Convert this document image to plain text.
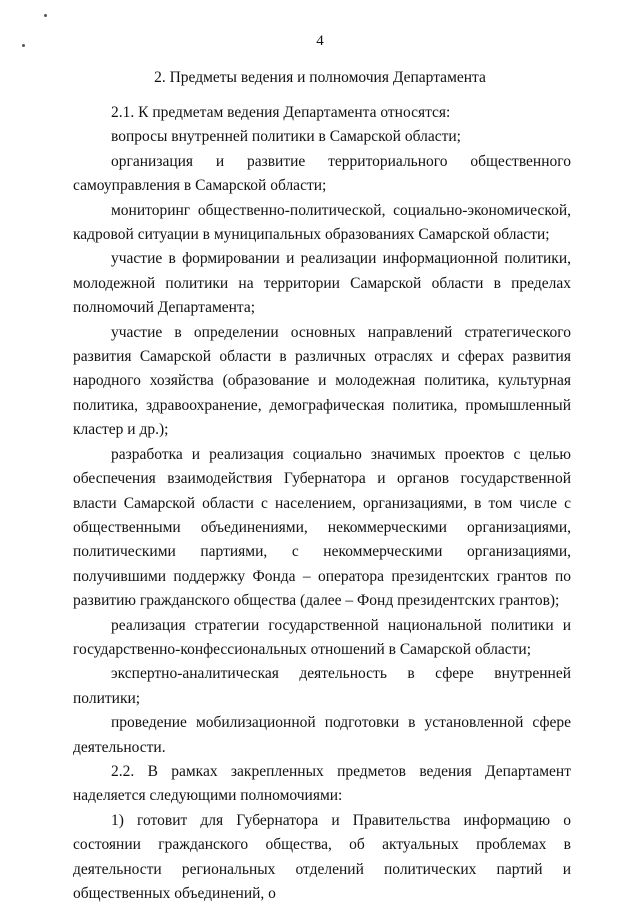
4
2. Предметы ведения и полномочия Департамента

2.1. К предметам ведения Департамента относятся:

вопросы внутренней политики в Самарской области;

организация и развитие территориального общественного самоуправления в Самарской области;

мониторинг общественно-политической, социально-экономической, кадровой ситуации в муниципальных образованиях Самарской области;

участие в формировании и реализации информационной политики, молодежной политики на территории Самарской области в пределах полномочий Департамента;

участие в определении основных направлений стратегического развития Самарской области в различных отраслях и сферах развития народного хозяйства (образование и молодежная политика, культурная политика, здравоохранение, демографическая политика, промышленный кластер и др.);

разработка и реализация социально значимых проектов с целью обеспечения взаимодействия Губернатора и органов государственной власти Самарской области с населением, организациями, в том числе с общественными объединениями, некоммерческими организациями, политическими партиями, с некоммерческими организациями, получившими поддержку Фонда – оператора президентских грантов по развитию гражданского общества (далее – Фонд президентских грантов);

реализация стратегии государственной национальной политики и государственно-конфессиональных отношений в Самарской области;

экспертно-аналитическая деятельность в сфере внутренней политики;

проведение мобилизационной подготовки в установленной сфере деятельности.

2.2. В рамках закрепленных предметов ведения Департамент наделяется следующими полномочиями:

1) готовит для Губернатора и Правительства информацию о состоянии гражданского общества, об актуальных проблемах в деятельности региональных отделений политических партий и общественных объединений, о
